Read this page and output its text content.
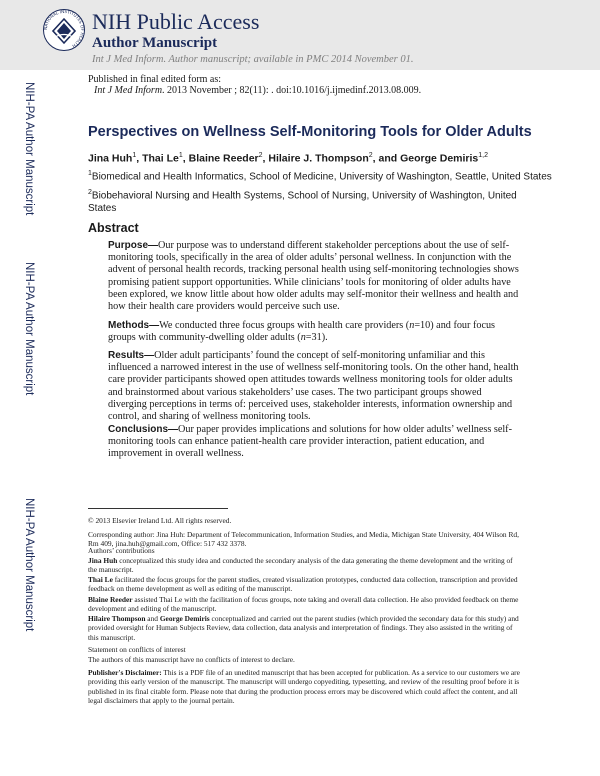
NATIONAL INSTITUTES OF HEALTH
NIH Public Access
Author Manuscript
Int J Med Inform. Author manuscript; available in PMC 2014 November 01.
NIH-PA Author Manuscript
NIH-PA Author Manuscript
NIH-PA Author Manuscript
Published in final edited form as:
Int J Med Inform. 2013 November ; 82(11): . doi:10.1016/j.ijmedinf.2013.08.009.
Perspectives on Wellness Self-Monitoring Tools for Older Adults
Jina Huh$^1$, Thai Le$^1$, Blaine Reeder$^2$, Hilaire J. Thompson$^2$, and George Demiris$^{1,2}$
$^1$Biomedical and Health Informatics, School of Medicine, University of Washington, Seattle, United States
$^2$Biobehavioral Nursing and Health Systems, School of Nursing, University of Washington, United States
Abstract
Purpose—Our purpose was to understand different stakeholder perceptions about the use of self-monitoring tools, specifically in the area of older adults’ personal wellness. In conjunction with the advent of personal health records, tracking personal health using self-monitoring technologies shows promising patient support opportunities. While clinicians’ tools for monitoring of older adults have been explored, we know little about how older adults may self-monitor their wellness and health and how their health care providers would perceive such use.
Methods—We conducted three focus groups with health care providers (n=10) and four focus groups with community-dwelling older adults (n=31).
Results—Older adult participants’ found the concept of self-monitoring unfamiliar and this influenced a narrowed interest in the use of wellness self-monitoring tools. On the other hand, health care provider participants showed open attitudes towards wellness monitoring tools for older adults and brainstormed about various stakeholders’ use cases. The two participant groups showed diverging perceptions in terms of: perceived uses, stakeholder interests, information ownership and control, and sharing of wellness monitoring tools.
Conclusions—Our paper provides implications and solutions for how older adults’ wellness self-monitoring tools can enhance patient-health care provider interaction, patient education, and improvement in overall wellness.
© 2013 Elsevier Ireland Ltd. All rights reserved.
Corresponding author: Jina Huh: Department of Telecommunication, Information Studies, and Media, Michigan State University, 404 Wilson Rd, Rm 409, jina.huh@gmail.com, Office: 517 432 3378.
Authors’ contributions
Jina Huh conceptualized this study idea and conducted the secondary analysis of the data generating the theme development and the writing of the manuscript.
Thai Le facilitated the focus groups for the parent studies, created visualization prototypes, conducted data collection, transcription and provided feedback on theme development as well as editing of the manuscript.
Blaine Reeder assisted Thai Le with the facilitation of focus groups, note taking and overall data collection. He also provided feedback on theme development and editing of the manuscript.
Hilaire Thompson and George Demiris conceptualized and carried out the parent studies (which provided the secondary data for this study) and provided oversight for Human Subjects Review, data collection, data analysis and interpretation of findings. They also assisted in the writing of this manuscript.
Statement on conflicts of interest
The authors of this manuscript have no conflicts of interest to declare.
Publisher's Disclaimer: This is a PDF file of an unedited manuscript that has been accepted for publication. As a service to our customers we are providing this early version of the manuscript. The manuscript will undergo copyediting, typesetting, and review of the resulting proof before it is published in its final citable form. Please note that during the production process errors may be discovered which could affect the content, and all legal disclaimers that apply to the journal pertain.
